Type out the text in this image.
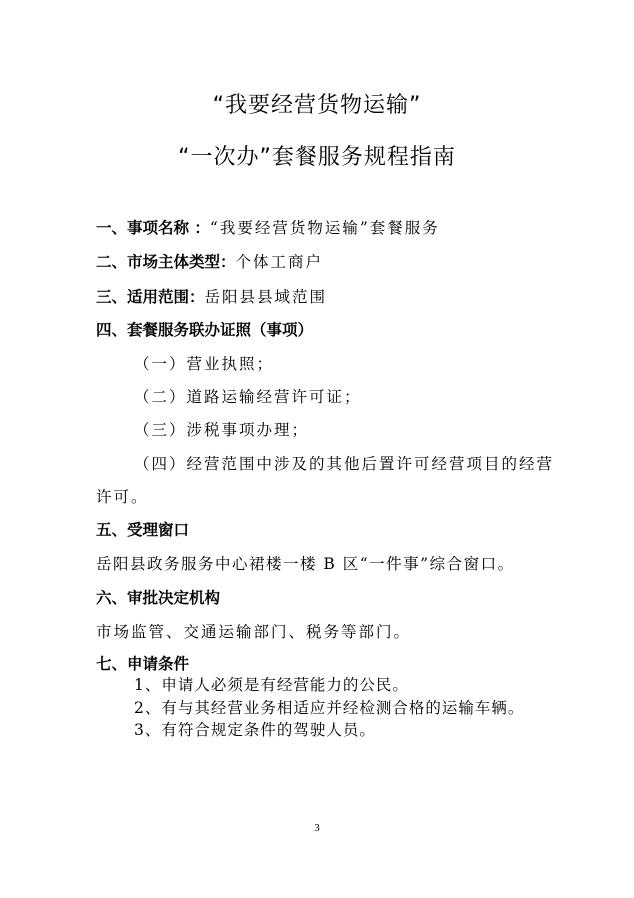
“我要经营货物运输”
“一次办”套餐服务规程指南
一、事项名称 ：“我要经营货物运输”套餐服务
二、市场主体类型：个体工商户
三、适用范围：岳阳县县域范围
四、套餐服务联办证照（事项）
（一）营业执照；
（二）道路运输经营许可证；
（三）涉税事项办理；
（四）经营范围中涉及的其他后置许可经营项目的经营
许可。
五、受理窗口
岳阳县政务服务中心裙楼一楼 B 区“一件事”综合窗口。
六、审批决定机构
市场监管、交通运输部门、税务等部门。
七、申请条件
1、申请人必须是有经营能力的公民。
2、有与其经营业务相适应并经检测合格的运输车辆。
3、有符合规定条件的驾驶人员。
3
